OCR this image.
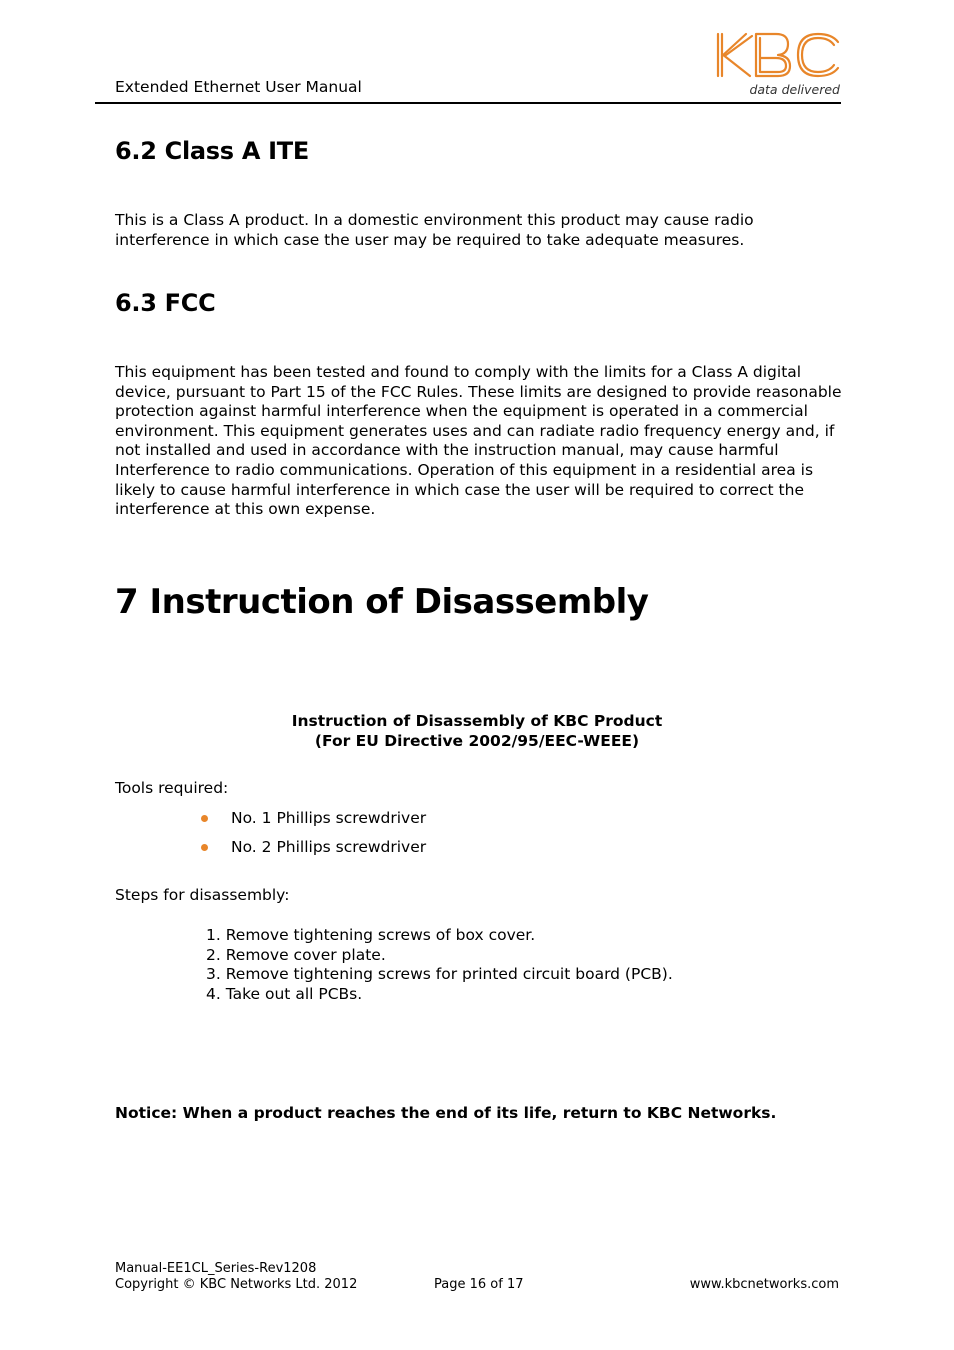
Extended Ethernet User Manual	data delivered
6.2 Class A ITE
This is a Class A product. In a domestic environment this product may cause radio interference in which case the user may be required to take adequate measures.
6.3 FCC
This equipment has been tested and found to comply with the limits for a Class A digital device, pursuant to Part 15 of the FCC Rules. These limits are designed to provide reasonable protection against harmful interference when the equipment is operated in a commercial environment. This equipment generates uses and can radiate radio frequency energy and, if not installed and used in accordance with the instruction manual, may cause harmful Interference to radio communications. Operation of this equipment in a residential area is likely to cause harmful interference in which case the user will be required to correct the interference at this own expense.
7 Instruction of Disassembly
Instruction of Disassembly of KBC Product
(For EU Directive 2002/95/EEC-WEEE)
Tools required:
No. 1 Phillips screwdriver
No. 2 Phillips screwdriver
Steps for disassembly:
1. Remove tightening screws of box cover.
2. Remove cover plate.
3. Remove tightening screws for printed circuit board (PCB).
4. Take out all PCBs.
Notice: When a product reaches the end of its life, return to KBC Networks.
Manual-EE1CL_Series-Rev1208
Copyright © KBC Networks Ltd. 2012	Page 16 of 17	www.kbcnetworks.com
